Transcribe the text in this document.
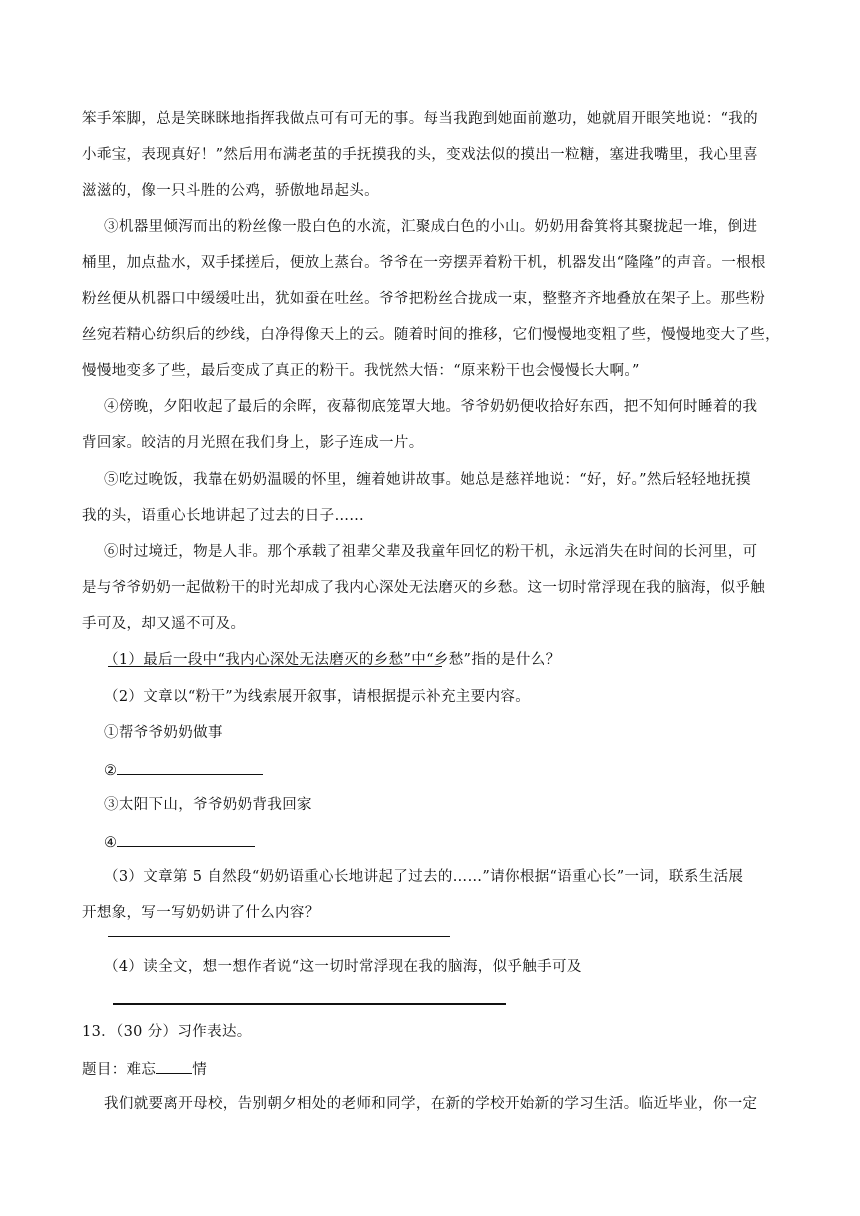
笨手笨脚，总是笑眯眯地指挥我做点可有可无的事。每当我跑到她面前邀功，她就眉开眼笑地说：“我的
小乖宝，表现真好！”然后用布满老茧的手抚摸我的头，变戏法似的摸出一粒糖，塞进我嘴里，我心里喜
滋滋的，像一只斗胜的公鸡，骄傲地昂起头。
③机器里倾泻而出的粉丝像一股白色的水流，汇聚成白色的小山。奶奶用畚箕将其聚拢起一堆，倒进
桶里，加点盐水，双手揉搓后，便放上蒸台。爷爷在一旁摆弄着粉干机，机器发出“隆隆”的声音。一根根
粉丝便从机器口中缓缓吐出，犹如蚕在吐丝。爷爷把粉丝合拢成一束，整整齐齐地叠放在架子上。那些粉
丝宛若精心纺织后的纱线，白净得像天上的云。随着时间的推移，它们慢慢地变粗了些，慢慢地变大了些，
慢慢地变多了些，最后变成了真正的粉干。我恍然大悟：“原来粉干也会慢慢长大啊。”
④傍晚，夕阳收起了最后的余晖，夜幕彻底笼罩大地。爷爷奶奶便收拾好东西，把不知何时睡着的我
背回家。皎洁的月光照在我们身上，影子连成一片。
⑤吃过晚饭，我靠在奶奶温暖的怀里，缠着她讲故事。她总是慈祥地说：“好，好。”然后轻轻地抚摸
我的头，语重心长地讲起了过去的日子……
⑥时过境迁，物是人非。那个承载了祖辈父辈及我童年回忆的粉干机，永远消失在时间的长河里，可
是与爷爷奶奶一起做粉干的时光却成了我内心深处无法磨灭的乡愁。这一切时常浮现在我的脑海，似乎触
手可及，却又遥不可及。
（1）最后一段中“我内心深处无法磨灭的乡愁”中“乡愁”指的是什么？
（2）文章以“粉干”为线索展开叙事，请根据提示补充主要内容。
①帮爷爷奶奶做事
②
③太阳下山，爷爷奶奶背我回家
④
（3）文章第 5 自然段“奶奶语重心长地讲起了过去的……”请你根据“语重心长”一词，联系生活展
开想象，写一写奶奶讲了什么内容？
（4）读全文，想一想作者说“这一切时常浮现在我的脑海，似乎触手可及
13．（30 分）习作表达。
题目：难忘 情
我们就要离开母校，告别朝夕相处的老师和同学，在新的学校开始新的学习生活。临近毕业，你一定
